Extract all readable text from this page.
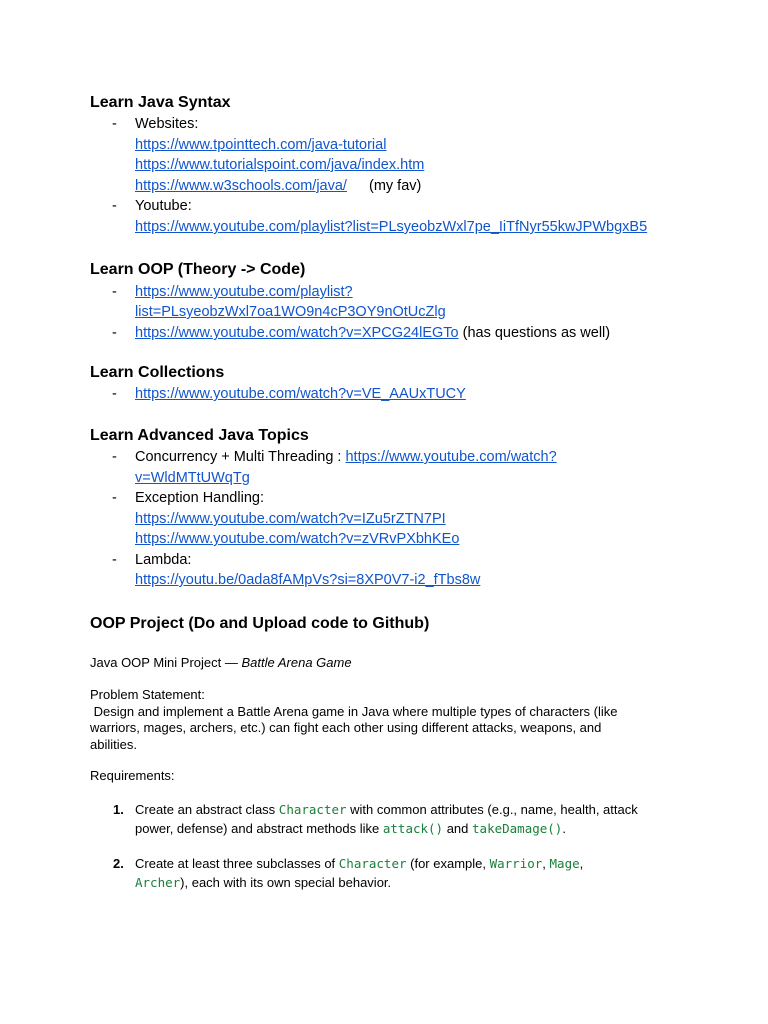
Learn Java Syntax
- Websites:
https://www.tpointtech.com/java-tutorial
https://www.tutorialspoint.com/java/index.htm
https://www.w3schools.com/java/ (my fav)
- Youtube:
https://www.youtube.com/playlist?list=PLsyeobzWxl7pe_IiTfNyr55kwJPWbgxB5
Learn OOP (Theory -> Code)
- https://www.youtube.com/playlist?
list=PLsyeobzWxl7oa1WO9n4cP3OY9nOtUcZlg
- https://www.youtube.com/watch?v=XPCG24lEGTo (has questions as well)
Learn Collections
- https://www.youtube.com/watch?v=VE_AAUxTUCY
Learn Advanced Java Topics
- Concurrency + Multi Threading : https://www.youtube.com/watch?
v=WldMTtUWqTg
- Exception Handling:
https://www.youtube.com/watch?v=IZu5rZTN7PI
https://www.youtube.com/watch?v=zVRvPXbhKEo
- Lambda:
https://youtu.be/0ada8fAMpVs?si=8XP0V7-i2_fTbs8w
OOP Project (Do and Upload code to Github)
Java OOP Mini Project — Battle Arena Game
Problem Statement:
Design and implement a Battle Arena game in Java where multiple types of characters (like
warriors, mages, archers, etc.) can fight each other using different attacks, weapons, and
abilities.
Requirements:
1. Create an abstract class Character with common attributes (e.g., name, health, attack
power, defense) and abstract methods like attack() and takeDamage().
2. Create at least three subclasses of Character (for example, Warrior, Mage,
Archer), each with its own special behavior.
